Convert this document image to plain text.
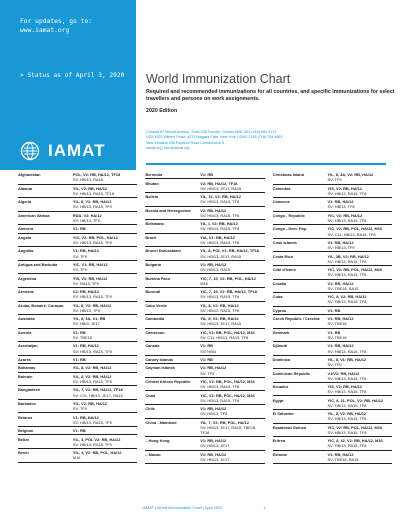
For updates, go to:
www.iamat.org
> Status as of April 3, 2020
IAMAT
World Immunization Chart
Required and recommended immunizations for all countries, and specific immunizations for select travellers and persons on work assignments.
2020 Edition
Canada 67 Mowat Avenue, Suite 036 Toronto, Ontario M6K 3E3 (416) 652 0137
USA 1623 Military Road, #279 Niagara Falls, New York 14304-1745 (716) 754 4883
New Zealand 206 Papanui Road Christchurch 5
iamat.org | info@iamat.org
Afghanistan	POL, V2: RB, HA/12, TF18
SV: HB/13, RA15
Albania	YIL, V2: RB, HA/12
SV: HB/13, RA15, TF18
Algeria	YIL, 8, V2: RB, HA/12
SV: HB/13, RA15, TF9
American Samoa	RDA, V2: HA/12
SV: HB/13, TF9
Andorra	V1: RB
Angola	YIC, V2: RB, POL, HA/12
SV: HB/13, RA15, TF9
Anguilla	V1: RB, HA/12
SV: TF9
Antigua and Barbuda	YIC, V1: RB, HA/12
SV: TF9
Argentina	YIS, V1: RB, HA/12
SV: RA15, TF9
Armenia	V2: RB, HA/12
SV: HB/13, RA15, TF9
Aruba, Bonaire, Curaçao	YIL, 8, V2: RB, HA/12
SV: HB/13, TF9
Australia	YIL, 8, 3A, V1: RB
SV: HB/4, JE17
Austria	V1: RB
SV: TBE18
Azerbaijan	V1: RB, HA/12
SV: HB/13, RA15, TF8
Azores	V1: RB
Bahamas	YIL, 8, V2: RB, HA/12
Bahrain	YIL, 8, V2: RB, HA/12
SV: HB/13, RA15, TF8
Bangladesh	YIL, 7, V2: RB, HA/12, TF18
SV: C11, HB/13, JE17, RA15
Barbados	YIL, V2: RB, HA/12
SV: TF9
Belarus	V1: RB, HA/12
SV: HB/13, RA15, TF9
Belgium	V1: RB
Belize	YIL, 3, POL V2: RB, HA/12
SV: HB/13, RA15, TF9
Benin	YIL, 4, V2: RB, POL, HA/12
M16
Bermuda	V1: RB
Bhutan	V2: RB, HA/12, TF18
SV: HB/13, JE17, RA15
Bolivia	YIL, 31, V2: RB, HA/12
SV: HB/13, RA15, TF8
Bosnia and Herzegovina	V2: RB, HA/12
SV: HB/13, RA15, TF8
Botswana	YIL, L V2: RB, HA/12
SV: HB/13, RA15, TF8
Brazil	YIA, V1: RB, HA/12
SV: HB/13, RA15, TF8
Brunei Darussalam	YIL, 8, POL V1: RB, HA/12, TF18
SV: HB/13, JE17, RA15
Bulgaria	V1: RB, HA/12
SV: HB/13, RA15
Burkina Faso	YIC, 7, 19, V2: RB, POL, HA/12
M16
Burundi	YIC, 7, 19, V2: RB, HA/12, TF18
SV: HB/13, RA15, TF8
Cabo Verde	YIL, 8, V2: RB, HA/12
SV: HB/13, RA15, TF8
Cambodia	YIL, 8, V2: RB, HA/12
SV: HB/13, JE17, RA15
Cameroon	YIC, V2: RB, POL, HA/12, M16
SV: C11, HB/13, RA15, TF8
Canada	V1: RB
SV: HB/4
Canary Islands	V1: RB
Cayman Islands	V1: RB, HA/12
SV: TF9
Central African Republic	YIC, V2: RB, POL, HA/12, M16
SV: HB/13, RA15, TF8
Chad	YIC, V2: RB, POL, HA/12, M16
SV: HB/13, RA15, TF8
Chile	V1: RB, HA/12
SV: HB/13, TF8
China - Mainland	YIL, 7, V2: RB, POL, HA/12
SV: HB/13, JE17, RA15, TBE18, TF18
– Hong Kong	V1: RB, HA/12
SV: HB/13, JE17
– Macao	V1: RB, HA/12
SV: HB/13, JE17
Christmas Island	YIL, 8, 3A, V2: RB, HA/12
SV: TF9
Colombia	YIS, V2: RB, HA/12
SV: HB/13, RA15, TF8
Comoros	V1: RB, HA/12
SV: HB/13, TF8
Congo - Republic	YIC, V2: RB, HA/12
SV: HB/13, RA15, TF8
Congo - Dem. Rep.	YIC, V2: RB, POL, HA/12, M16
SV: C11, HB/13, RA15, TF8
Cook Islands	V1: RB, HA/12
SV: HB/13, TF9
Costa Rica	YIL, 3B, V2: RB, HA/12
SV: HB/13, RA15, TF8
Côte d'Ivoire	YIC, V2: RB, POL, HA/12, M16
SV: HB/13, RA15, TF8
Croatia	V1: RB, HA/12
SV: TBE18, RA15
Cuba	YIC, 8, V2: RB, HA/12
SV: HB/13, RA15, TF8
Cyprus	V1: RB
Czech Republic / Czechia	V1: RB, HA/12
SV: TBE18
Denmark	V1: RB
SV: TBE18
Djibouti	V1: RB, HA/12
SV: HB/13, RA15, TF8
Dominica	YIL, 8, V1: RB, HA/12
SV: TF9
Dominican Republic	V1/V2: RB, HA/12
SV: HB/13, RA15, TF8
Ecuador	YIS, V2: RB, HA/12
SV: HB/13, RA15, TF8
Egypt	YIC, 8, 21, POL, V2: RB, HA/12
SV: HB/13, RA15, TF8
El Salvador	YIL, 8, V2: RB, HA/12
SV: HB/13, RA15, TF8
Equatorial Guinea	YIC, V2: RB, POL, HA/12, M16
SV: HB/13, RA15, TF8
Eritrea	YIC, 8, 42, V2: RB, HA/12, M16
SV: HB/13, RA15, TF8
Estonia	V1: RB, HA/12
SV: TBE18, RA15
IAMAT | World Immunization Chart | April 2020	1
